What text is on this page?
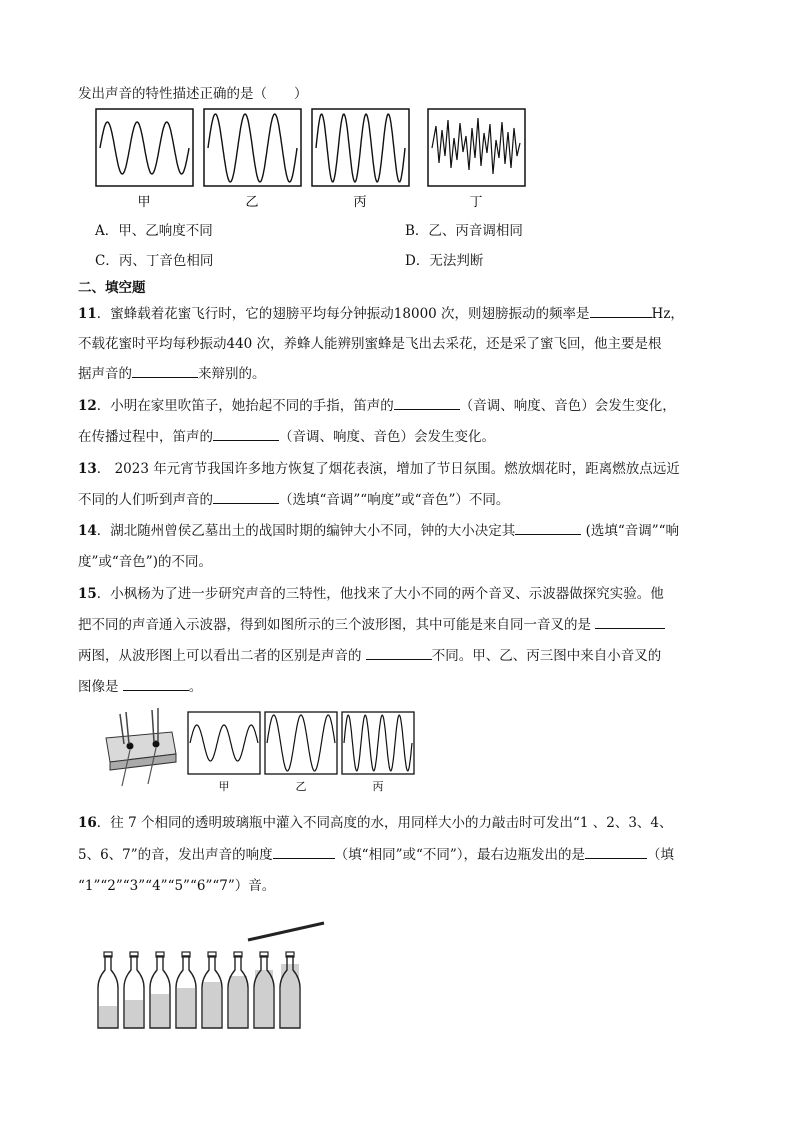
发出声音的特性描述正确的是（　　）
甲	乙	丙	丁
A．甲、乙响度不同	B．乙、丙音调相同
C．丙、丁音色相同	D．无法判断
二、填空题
11．蜜蜂载着花蜜飞行时，它的翅膀平均每分钟振动18000 次，则翅膀振动的频率是	Hz，
不载花蜜时平均每秒振动440 次，养蜂人能辨别蜜蜂是飞出去采花，还是采了蜜飞回，他主要是根
据声音的	来辩别的。
12．小明在家里吹笛子，她抬起不同的手指，笛声的	（音调、响度、音色）会发生变化，
在传播过程中，笛声的	（音调、响度、音色）会发生变化。
13． 2023 年元宵节我国许多地方恢复了烟花表演，增加了节日氛围。燃放烟花时，距离燃放点远近
不同的人们听到声音的	（选填“音调”“响度”或“音色”）不同。
14．湖北随州曾侯乙墓出土的战国时期的编钟大小不同，钟的大小决定其	(选填“音调”“响
度”或“音色”)的不同。
15．小枫杨为了进一步研究声音的三特性，他找来了大小不同的两个音叉、示波器做探究实验。他
把不同的声音通入示波器，得到如图所示的三个波形图，其中可能是来自同一音叉的是
两图，从波形图上可以看出二者的区别是声音的	不同。甲、乙、丙三图中来自小音叉的
图像是	。
甲	乙	丙
16．往 7 个相同的透明玻璃瓶中灌入不同高度的水，用同样大小的力敲击时可发出“1 、2、3、4、
5、6、7”的音，发出声音的响度	（填“相同”或“不同”），最右边瓶发出的是	（填
“1”“2”“3”“4”“5”“6”“7”）音。
